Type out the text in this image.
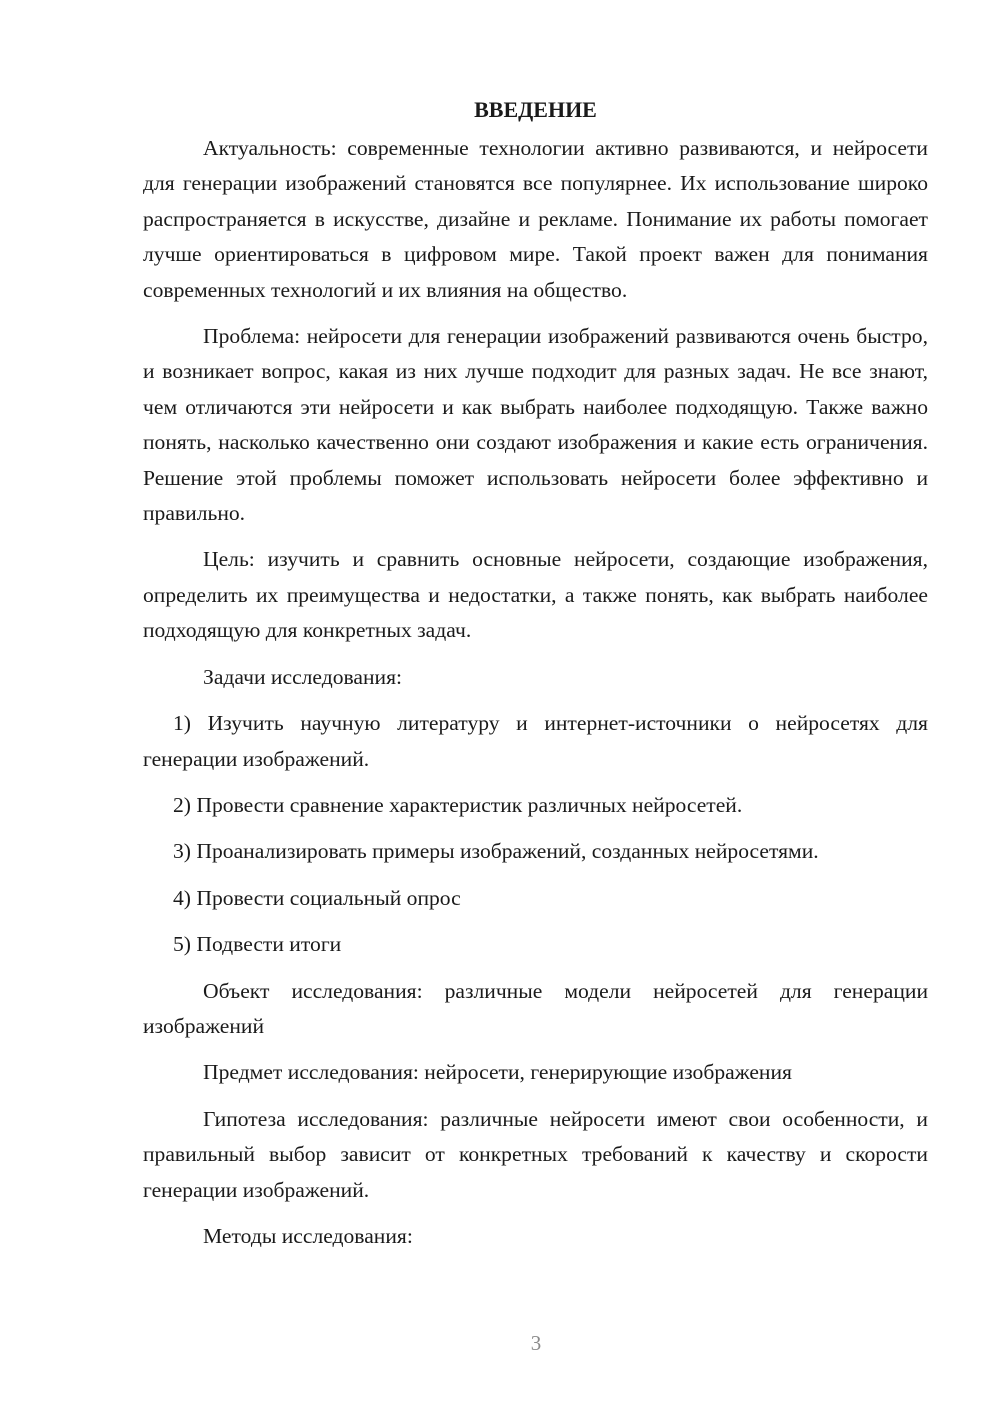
ВВЕДЕНИЕ

Актуальность: современные технологии активно развиваются, и нейросети для генерации изображений становятся все популярнее. Их использование широко распространяется в искусстве, дизайне и рекламе. Понимание их работы помогает лучше ориентироваться в цифровом мире. Такой проект важен для понимания современных технологий и их влияния на общество.

Проблема: нейросети для генерации изображений развиваются очень быстро, и возникает вопрос, какая из них лучше подходит для разных задач. Не все знают, чем отличаются эти нейросети и как выбрать наиболее подходящую. Также важно понять, насколько качественно они создают изображения и какие есть ограничения. Решение этой проблемы поможет использовать нейросети более эффективно и правильно.

Цель: изучить и сравнить основные нейросети, создающие изображения, определить их преимущества и недостатки, а также понять, как выбрать наиболее подходящую для конкретных задач.

Задачи исследования:

1) Изучить научную литературу и интернет-источники о нейросетях для генерации изображений.

2) Провести сравнение характеристик различных нейросетей.

3) Проанализировать примеры изображений, созданных нейросетями.

4) Провести социальный опрос

5) Подвести итоги

Объект исследования: различные модели нейросетей для генерации изображений

Предмет исследования: нейросети, генерирующие изображения

Гипотеза исследования: различные нейросети имеют свои особенности, и правильный выбор зависит от конкретных требований к качеству и скорости генерации изображений.

Методы исследования:

3
